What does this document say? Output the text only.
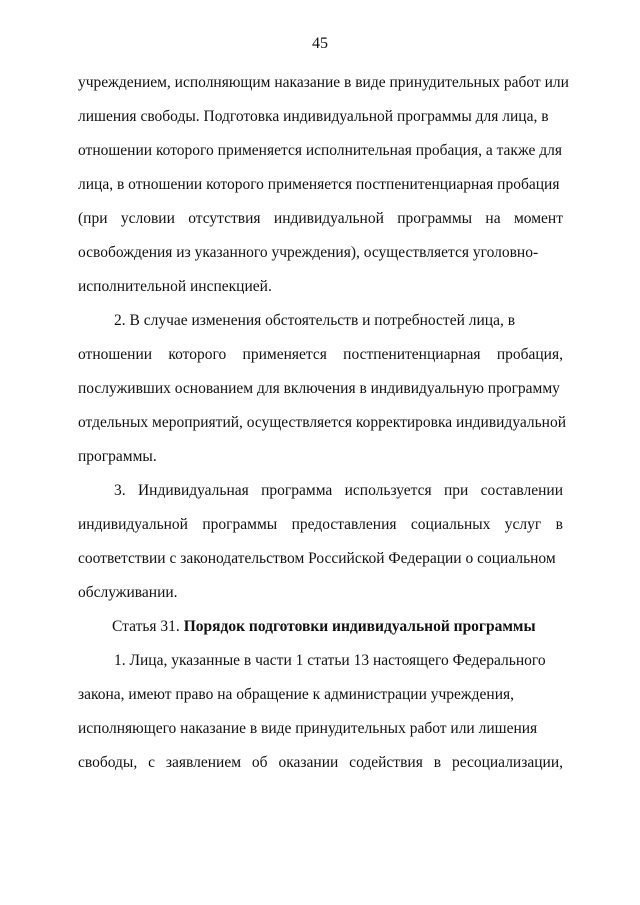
45
учреждением, исполняющим наказание в виде принудительных работ или
лишения свободы. Подготовка индивидуальной программы для лица, в
отношении которого применяется исполнительная пробация, а также для
лица, в отношении которого применяется постпенитенциарная пробация
(при условии отсутствия индивидуальной программы на момент
освобождения из указанного учреждения), осуществляется уголовно-
исполнительной инспекцией.
2. В случае изменения обстоятельств и потребностей лица, в
отношении которого применяется постпенитенциарная пробация,
послуживших основанием для включения в индивидуальную программу
отдельных мероприятий, осуществляется корректировка индивидуальной
программы.
3. Индивидуальная программа используется при составлении
индивидуальной программы предоставления социальных услуг в
соответствии с законодательством Российской Федерации о социальном
обслуживании.
Статья 31. Порядок подготовки индивидуальной программы
1. Лица, указанные в части 1 статьи 13 настоящего Федерального
закона, имеют право на обращение к администрации учреждения,
исполняющего наказание в виде принудительных работ или лишения
свободы, с заявлением об оказании содействия в ресоциализации,
